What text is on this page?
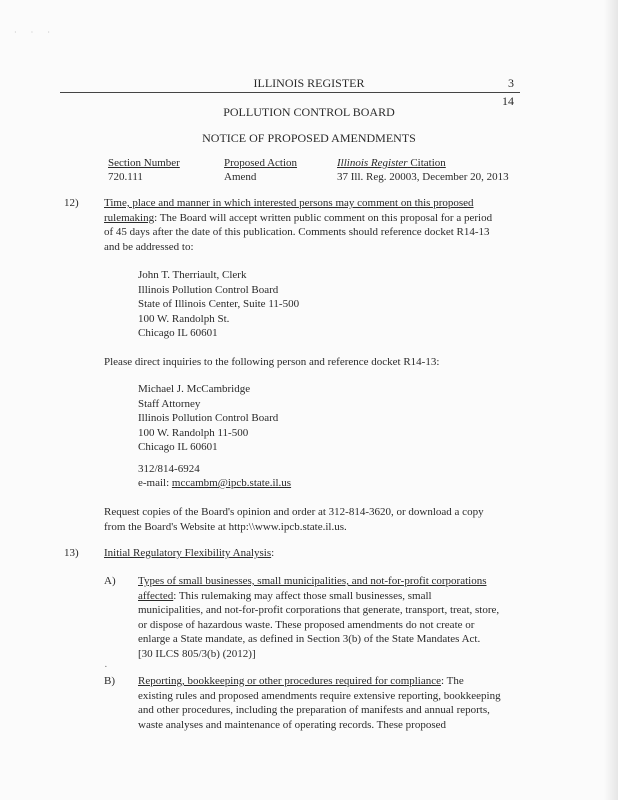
· · ·
ILLINOIS REGISTER	3
14
POLLUTION CONTROL BOARD
NOTICE OF PROPOSED AMENDMENTS
Section Number	Proposed Action	Illinois Register Citation
720.111	Amend	37 Ill. Reg. 20003, December 20, 2013
12) Time, place and manner in which interested persons may comment on this proposed
rulemaking: The Board will accept written public comment on this proposal for a period
of 45 days after the date of this publication. Comments should reference docket R14-13
and be addressed to:
John T. Therriault, Clerk
Illinois Pollution Control Board
State of Illinois Center, Suite 11-500
100 W. Randolph St.
Chicago IL 60601
Please direct inquiries to the following person and reference docket R14-13:
Michael J. McCambridge
Staff Attorney
Illinois Pollution Control Board
100 W. Randolph 11-500
Chicago IL 60601
312/814-6924
e-mail: mccambm@ipcb.state.il.us
Request copies of the Board's opinion and order at 312-814-3620, or download a copy
from the Board's Website at http:\\www.ipcb.state.il.us.
13) Initial Regulatory Flexibility Analysis:
A) Types of small businesses, small municipalities, and not-for-profit corporations
affected: This rulemaking may affect those small businesses, small
municipalities, and not-for-profit corporations that generate, transport, treat, store,
or dispose of hazardous waste. These proposed amendments do not create or
enlarge a State mandate, as defined in Section 3(b) of the State Mandates Act.
[30 ILCS 805/3(b) (2012)]
·
B) Reporting, bookkeeping or other procedures required for compliance: The
existing rules and proposed amendments require extensive reporting, bookkeeping
and other procedures, including the preparation of manifests and annual reports,
waste analyses and maintenance of operating records. These proposed
